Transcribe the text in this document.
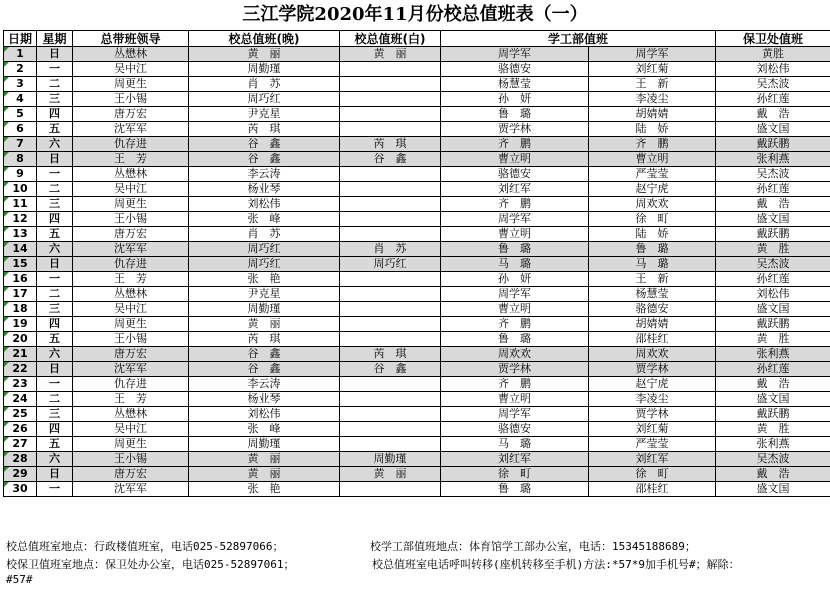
三江学院2020年11月份校总值班表（一）
日期	星期	总带班领导	校总值班(晚)	校总值班(白)	学工部值班		保卫处值班
1	日	丛懋林	黄　丽	黄　丽	周学军	周学军	黄胜
2	一	吴中江	周勤瑾		骆德安	刘红菊	刘松伟
3	二	周更生	肖　苏		杨慧莹	王　新	吴杰波
4	三	王小锡	周巧红		孙　妍	李凌尘	孙红莲
5	四	唐万宏	尹克星		鲁　璐	胡婧婧	戴　浩
6	五	沈军军	芮　琪		贾学林	陆　娇	盛文国
7	六	仇存进	谷　鑫	芮　琪	齐　鹏	齐　鹏	戴跃鹏
8	日	王　芳	谷　鑫	谷　鑫	曹立明	曹立明	张利燕
9	一	丛懋林	李云涛		骆德安	严莹莹	吴杰波
10	二	吴中江	杨业琴		刘红军	赵宁虎	孙红莲
11	三	周更生	刘松伟		齐　鹏	周欢欢	戴　浩
12	四	王小锡	张　峰		周学军	徐　町	盛文国
13	五	唐万宏	肖　苏		曹立明	陆　娇	戴跃鹏
14	六	沈军军	周巧红	肖　苏	鲁　璐	鲁　璐	黄　胜
15	日	仇存进	周巧红	周巧红	马　璐	马　璐	吴杰波
16	一	王　芳	张　艳		孙　妍	王　新	孙红莲
17	二	丛懋林	尹克星		周学军	杨慧莹	刘松伟
18	三	吴中江	周勤瑾		曹立明	骆德安	盛文国
19	四	周更生	黄　丽		齐　鹏	胡婧婧	戴跃鹏
20	五	王小锡	芮　琪		鲁　璐	邵桂红	黄　胜
21	六	唐万宏	谷　鑫	芮　琪	周欢欢	周欢欢	张利燕
22	日	沈军军	谷　鑫	谷　鑫	贾学林	贾学林	孙红莲
23	一	仇存进	李云涛		齐　鹏	赵宁虎	戴　浩
24	二	王　芳	杨业琴		曹立明	李凌尘	盛文国
25	三	丛懋林	刘松伟		周学军	贾学林	戴跃鹏
26	四	吴中江	张　峰		骆德安	刘红菊	黄　胜
27	五	周更生	周勤瑾		马　璐	严莹莹	张利燕
28	六	王小锡	黄　丽	周勤瑾	刘红军	刘红军	吴杰波
29	日	唐万宏	黄　丽	黄　丽	徐　町	徐　町	戴　浩
30	一	沈军军	张　艳		鲁　璐	邵桂红	盛文国
校总值班室地点：行政楼值班室，电话025-52897066；	校学工部值班地点：体育馆学工部办公室，电话：15345188689；
校保卫值班室地点：保卫处办公室，电话025-52897061；	校总值班室电话呼叫转移(座机转移至手机)方法:*57*9加手机号#；解除：
#57#
